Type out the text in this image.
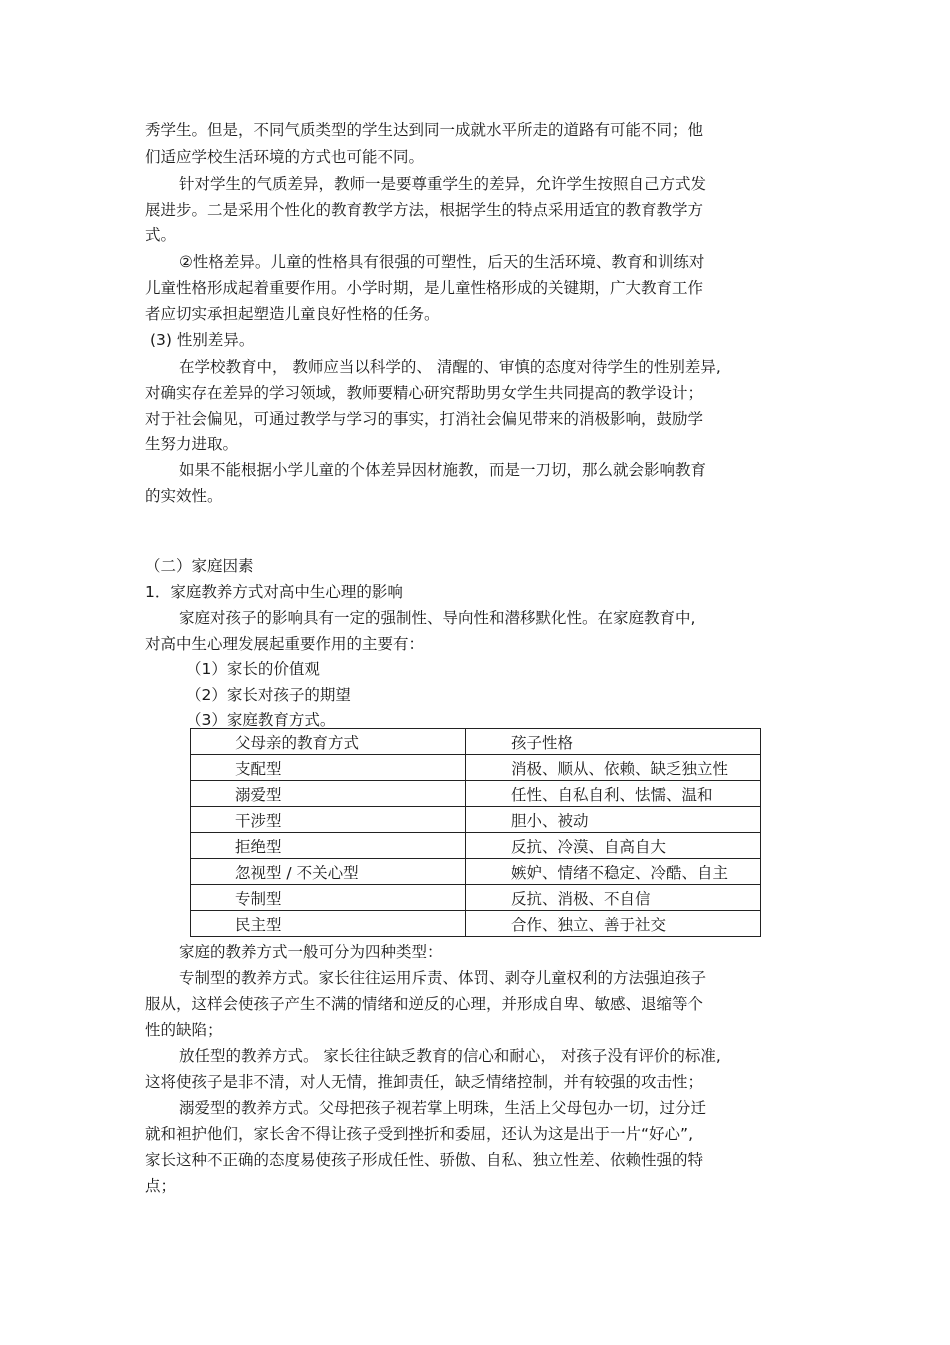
秀学生。但是，不同气质类型的学生达到同一成就水平所走的道路有可能不同；他
们适应学校生活环境的方式也可能不同。
针对学生的气质差异，教师一是要尊重学生的差异，允许学生按照自己方式发
展进步。二是采用个性化的教育教学方法，根据学生的特点采用适宜的教育教学方
式。
②性格差异。儿童的性格具有很强的可塑性，后天的生活环境、教育和训练对
儿童性格形成起着重要作用。小学时期，是儿童性格形成的关键期，广大教育工作
者应切实承担起塑造儿童良好性格的任务。
(3) 性别差异。
在学校教育中， 教师应当以科学的、 清醒的、审慎的态度对待学生的性别差异,
对确实存在差异的学习领域，教师要精心研究帮助男女学生共同提高的教学设计；
对于社会偏见，可通过教学与学习的事实，打消社会偏见带来的消极影响，鼓励学
生努力进取。
如果不能根据小学儿童的个体差异因材施教，而是一刀切，那么就会影响教育
的实效性。
（二）家庭因素
1．家庭教养方式对高中生心理的影响
家庭对孩子的影响具有一定的强制性、导向性和潜移默化性。在家庭教育中,
对高中生心理发展起重要作用的主要有：
（1）家长的价值观
（2）家长对孩子的期望
（3）家庭教育方式。
父母亲的教育方式	孩子性格
支配型	消极、顺从、依赖、缺乏独立性
溺爱型	任性、自私自利、怯懦、温和
干涉型	胆小、被动
拒绝型	反抗、冷漠、自高自大
忽视型 / 不关心型	嫉妒、情绪不稳定、冷酷、自主
专制型	反抗、消极、不自信
民主型	合作、独立、善于社交
家庭的教养方式一般可分为四种类型：
专制型的教养方式。家长往往运用斥责、体罚、剥夺儿童权利的方法强迫孩子
服从，这样会使孩子产生不满的情绪和逆反的心理，并形成自卑、敏感、退缩等个
性的缺陷；
放任型的教养方式。 家长往往缺乏教育的信心和耐心， 对孩子没有评价的标准,
这将使孩子是非不清，对人无情，推卸责任，缺乏情绪控制，并有较强的攻击性；
溺爱型的教养方式。父母把孩子视若掌上明珠，生活上父母包办一切，过分迁
就和袒护他们，家长舍不得让孩子受到挫折和委屈，还认为这是出于一片“好心”,
家长这种不正确的态度易使孩子形成任性、骄傲、自私、独立性差、依赖性强的特
点；
